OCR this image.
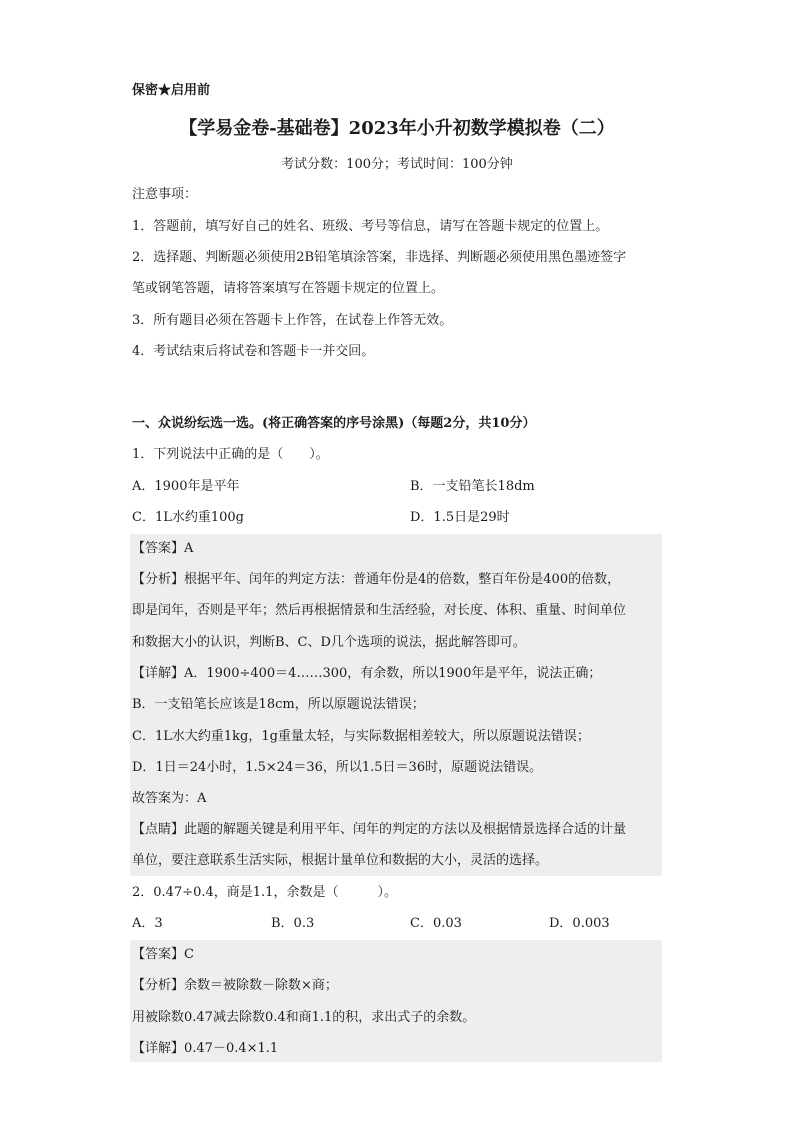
保密★启用前
【学易金卷-基础卷】2023年小升初数学模拟卷（二）
考试分数：100分；考试时间：100分钟
注意事项：
1．答题前，填写好自己的姓名、班级、考号等信息，请写在答题卡规定的位置上。
2．选择题、判断题必须使用2B铅笔填涂答案，非选择、判断题必须使用黑色墨迹签字
笔或钢笔答题，请将答案填写在答题卡规定的位置上。
3．所有题目必须在答题卡上作答，在试卷上作答无效。
4．考试结束后将试卷和答题卡一并交回。
一、众说纷纭选一选。(将正确答案的序号涂黑)（每题2分，共10分）
1．下列说法中正确的是（　　）。
A．1900年是平年	B．一支铅笔长18dm
C．1L水约重100g	D．1.5日是29时
【答案】A
【分析】根据平年、闰年的判定方法：普通年份是4的倍数，整百年份是400的倍数，
即是闰年，否则是平年；然后再根据情景和生活经验，对长度、体积、重量、时间单位
和数据大小的认识，判断B、C、D几个选项的说法，据此解答即可。
【详解】A．1900÷400＝4……300，有余数，所以1900年是平年，说法正确；
B．一支铅笔长应该是18cm，所以原题说法错误；
C．1L水大约重1kg，1g重量太轻，与实际数据相差较大，所以原题说法错误；
D．1日＝24小时，1.5×24＝36，所以1.5日＝36时，原题说法错误。
故答案为：A
【点睛】此题的解题关键是利用平年、闰年的判定的方法以及根据情景选择合适的计量
单位，要注意联系生活实际，根据计量单位和数据的大小，灵活的选择。
2．0.47÷0.4，商是1.1，余数是（　　　）。
A．3	B．0.3	C．0.03	D．0.003
【答案】C
【分析】余数＝被除数－除数×商；
用被除数0.47减去除数0.4和商1.1的积，求出式子的余数。
【详解】0.47－0.4×1.1
